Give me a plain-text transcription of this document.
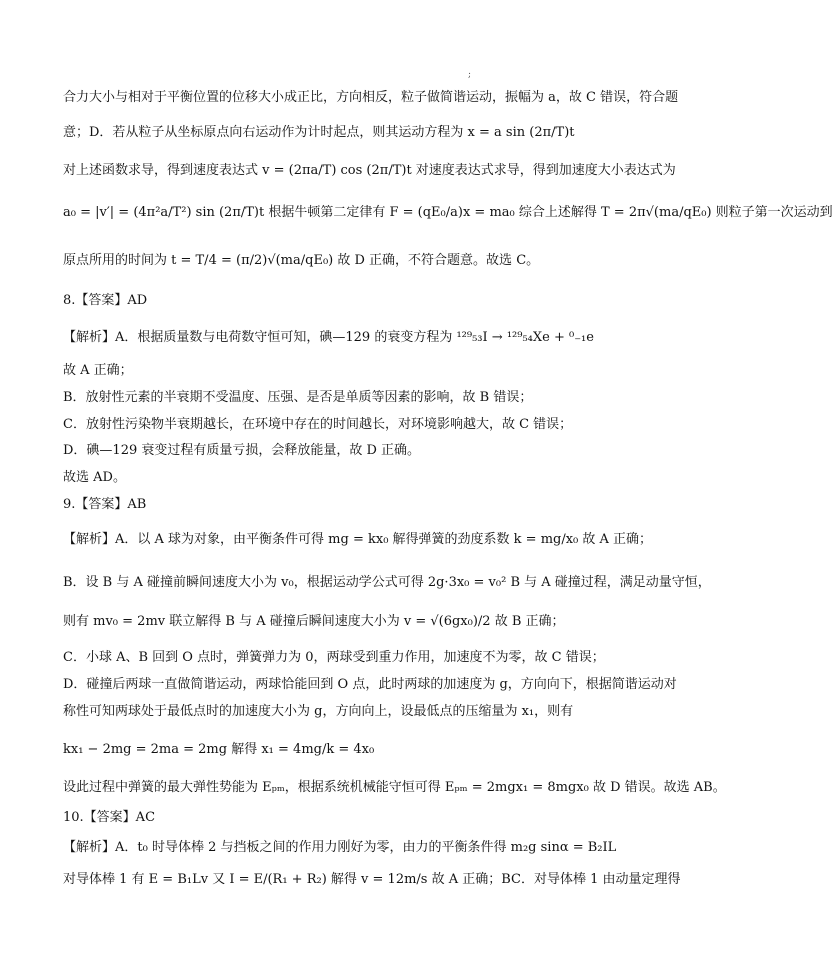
;
合力大小与相对于平衡位置的位移大小成正比，方向相反，粒子做简谐运动，振幅为 a，故 C 错误，符合题
意；D．若从粒子从坐标原点向右运动作为计时起点，则其运动方程为 x = a sin (2π/T)t
对上述函数求导，得到速度表达式 v = (2πa/T) cos (2π/T)t 对速度表达式求导，得到加速度大小表达式为
a₀ = |v′| = (4π²a/T²) sin (2π/T)t 根据牛顿第二定律有 F = (qE₀/a)x = ma₀ 综合上述解得 T = 2π√(ma/qE₀) 则粒子第一次运动到
原点所用的时间为 t = T/4 = (π/2)√(ma/qE₀) 故 D 正确，不符合题意。故选 C。
8.【答案】AD
【解析】A．根据质量数与电荷数守恒可知，碘—129 的衰变方程为 ¹²⁹₅₃I → ¹²⁹₅₄Xe + ⁰₋₁e
故 A 正确；
B．放射性元素的半衰期不受温度、压强、是否是单质等因素的影响，故 B 错误；
C．放射性污染物半衰期越长，在环境中存在的时间越长，对环境影响越大，故 C 错误；
D．碘—129 衰变过程有质量亏损，会释放能量，故 D 正确。
故选 AD。
9.【答案】AB
【解析】A．以 A 球为对象，由平衡条件可得 mg = kx₀ 解得弹簧的劲度系数 k = mg/x₀ 故 A 正确；
B．设 B 与 A 碰撞前瞬间速度大小为 v₀，根据运动学公式可得 2g·3x₀ = v₀² B 与 A 碰撞过程，满足动量守恒，
则有 mv₀ = 2mv 联立解得 B 与 A 碰撞后瞬间速度大小为 v = √(6gx₀)/2 故 B 正确；
C．小球 A、B 回到 O 点时，弹簧弹力为 0，两球受到重力作用，加速度不为零，故 C 错误；
D．碰撞后两球一直做简谐运动，两球恰能回到 O 点，此时两球的加速度为 g，方向向下，根据简谐运动对
称性可知两球处于最低点时的加速度大小为 g，方向向上，设最低点的压缩量为 x₁，则有
kx₁ − 2mg = 2ma = 2mg 解得 x₁ = 4mg/k = 4x₀
设此过程中弹簧的最大弹性势能为 Eₚₘ，根据系统机械能守恒可得 Eₚₘ = 2mgx₁ = 8mgx₀ 故 D 错误。故选 AB。
10.【答案】AC
【解析】A．t₀ 时导体棒 2 与挡板之间的作用力刚好为零，由力的平衡条件得 m₂g sinα = B₂IL
对导体棒 1 有 E = B₁Lv 又 I = E/(R₁ + R₂) 解得 v = 12m/s 故 A 正确；BC．对导体棒 1 由动量定理得
